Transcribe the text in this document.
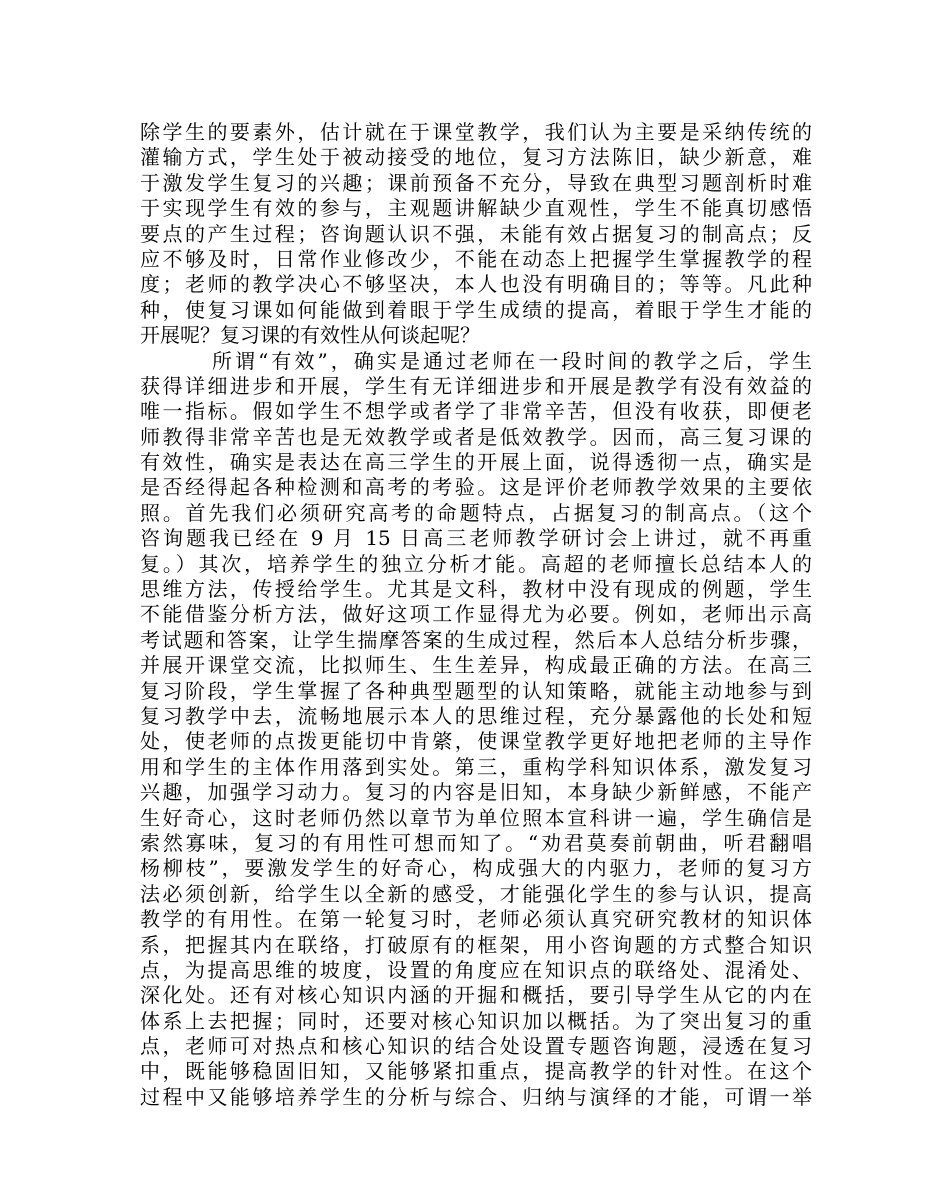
除学生的要素外，估计就在于课堂教学，我们认为主要是采纳传统的
灌输方式，学生处于被动接受的地位，复习方法陈旧，缺少新意，难
于激发学生复习的兴趣；课前预备不充分，导致在典型习题剖析时难
于实现学生有效的参与，主观题讲解缺少直观性，学生不能真切感悟
要点的产生过程；咨询题认识不强，未能有效占据复习的制高点；反
应不够及时，日常作业修改少，不能在动态上把握学生掌握教学的程
度；老师的教学决心不够坚决，本人也没有明确目的；等等。凡此种
种，使复习课如何能做到着眼于学生成绩的提高，着眼于学生才能的
开展呢？复习课的有效性从何谈起呢？
所谓“有效”，确实是通过老师在一段时间的教学之后，学生
获得详细进步和开展，学生有无详细进步和开展是教学有没有效益的
唯一指标。假如学生不想学或者学了非常辛苦，但没有收获，即便老
师教得非常辛苦也是无效教学或者是低效教学。因而，高三复习课的
有效性，确实是表达在高三学生的开展上面，说得透彻一点，确实是
是否经得起各种检测和高考的考验。这是评价老师教学效果的主要依
照。首先我们必须研究高考的命题特点，占据复习的制高点。（这个
咨询题我已经在 9 月 15 日高三老师教学研讨会上讲过，就不再重
复。）其次，培养学生的独立分析才能。高超的老师擅长总结本人的
思维方法，传授给学生。尤其是文科，教材中没有现成的例题，学生
不能借鉴分析方法，做好这项工作显得尤为必要。例如，老师出示高
考试题和答案，让学生揣摩答案的生成过程，然后本人总结分析步骤，
并展开课堂交流，比拟师生、生生差异，构成最正确的方法。在高三
复习阶段，学生掌握了各种典型题型的认知策略，就能主动地参与到
复习教学中去，流畅地展示本人的思维过程，充分暴露他的长处和短
处，使老师的点拨更能切中肯綮，使课堂教学更好地把老师的主导作
用和学生的主体作用落到实处。第三，重构学科知识体系，激发复习
兴趣，加强学习动力。复习的内容是旧知，本身缺少新鲜感，不能产
生好奇心，这时老师仍然以章节为单位照本宣科讲一遍，学生确信是
索然寡味，复习的有用性可想而知了。“劝君莫奏前朝曲，听君翻唱
杨柳枝”，要激发学生的好奇心，构成强大的内驱力，老师的复习方
法必须创新，给学生以全新的感受，才能强化学生的参与认识，提高
教学的有用性。在第一轮复习时，老师必须认真究研究教材的知识体
系，把握其内在联络，打破原有的框架，用小咨询题的方式整合知识
点，为提高思维的坡度，设置的角度应在知识点的联络处、混淆处、
深化处。还有对核心知识内涵的开掘和概括，要引导学生从它的内在
体系上去把握；同时，还要对核心知识加以概括。为了突出复习的重
点，老师可对热点和核心知识的结合处设置专题咨询题，浸透在复习
中，既能够稳固旧知，又能够紧扣重点，提高教学的针对性。在这个
过程中又能够培养学生的分析与综合、归纳与演绎的才能，可谓一举
